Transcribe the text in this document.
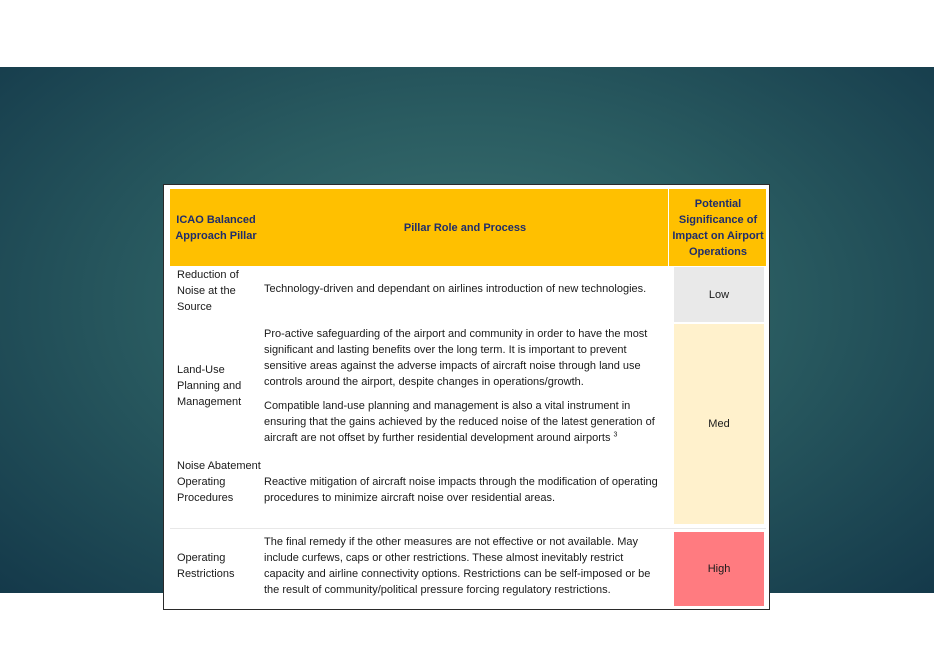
ICAO Balanced Approach Pillar
Pillar Role and Process
Potential Significance of Impact on Airport Operations
Reduction of Noise at the Source
Technology-driven and dependant on airlines introduction of new technologies.	Low
Land-Use Planning and Management

Pro-active safeguarding of the airport and community in order to have the most significant and lasting benefits over the long term. It is important to prevent sensitive areas against the adverse impacts of aircraft noise through land use controls around the airport, despite changes in operations/growth.

Compatible land-use planning and management is also a vital instrument in ensuring that the gains achieved by the reduced noise of the latest generation of aircraft are not offset by further residential development around airports $^3$

Med
Noise Abatement Operating Procedures
Reactive mitigation of aircraft noise impacts through the modification of operating procedures to minimize aircraft noise over residential areas.
Operating Restrictions
The final remedy if the other measures are not effective or not available. May include curfews, caps or other restrictions. These almost inevitably restrict capacity and airline connectivity options. Restrictions can be self-imposed or be the result of community/political pressure forcing regulatory restrictions.
High
